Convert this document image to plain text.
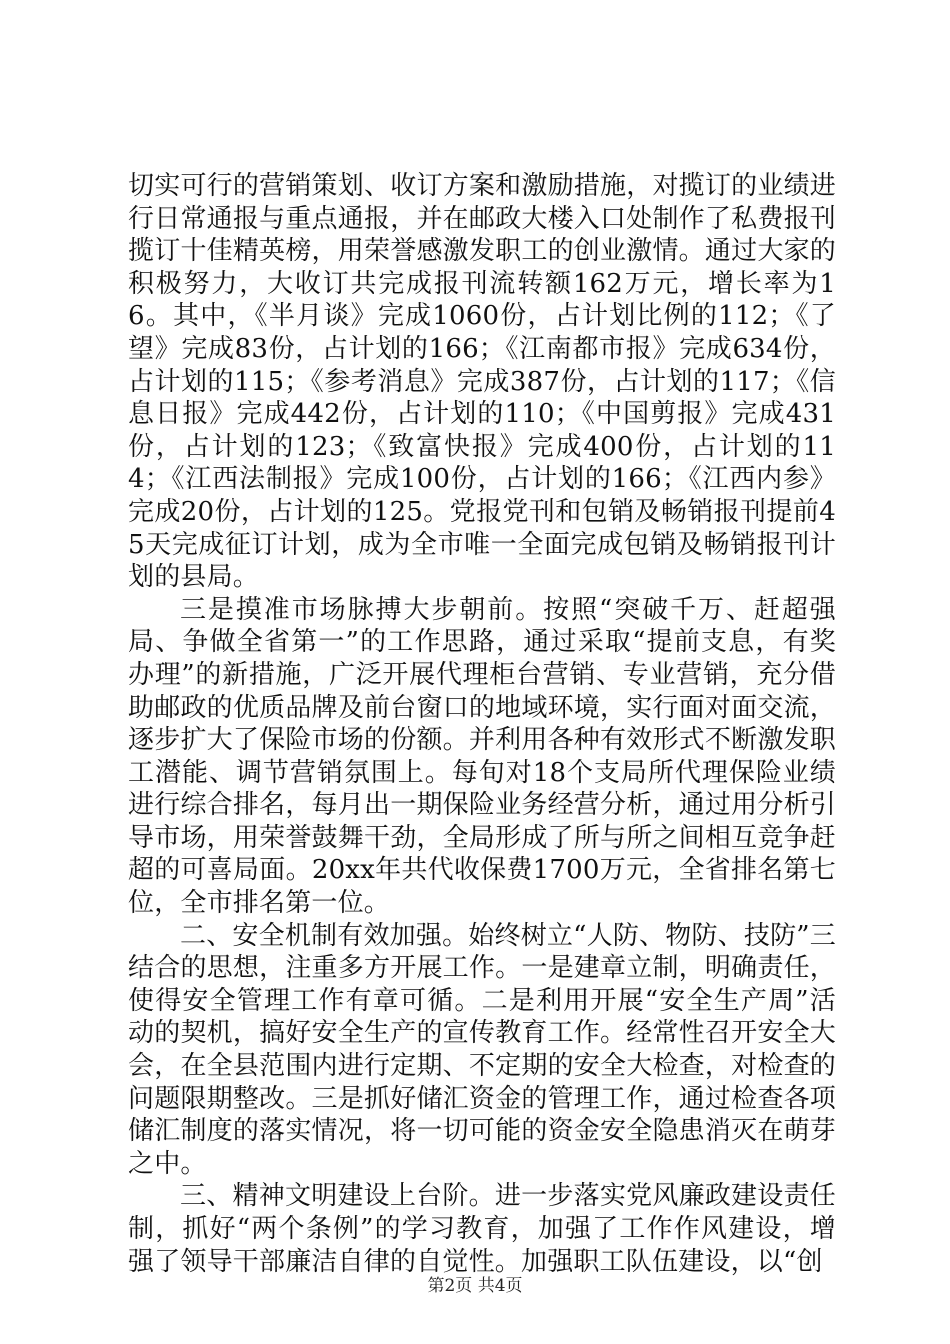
切实可行的营销策划、收订方案和激励措施，对揽订的业绩进行日常通报与重点通报，并在邮政大楼入口处制作了私费报刊揽订十佳精英榜，用荣誉感激发职工的创业激情。通过大家的积极努力，大收订共完成报刊流转额162万元，增长率为16。其中，《半月谈》完成1060份，占计划比例的112；《了望》完成83份，占计划的166；《江南都市报》完成634份，占计划的115；《参考消息》完成387份，占计划的117；《信息日报》完成442份，占计划的110；《中国剪报》完成431份，占计划的123；《致富快报》完成400份，占计划的114；《江西法制报》完成100份，占计划的166；《江西内参》完成20份，占计划的125。党报党刊和包销及畅销报刊提前45天完成征订计划，成为全市唯一全面完成包销及畅销报刊计划的县局。

三是摸准市场脉搏大步朝前。按照“突破千万、赶超强局、争做全省第一”的工作思路，通过采取“提前支息，有奖办理”的新措施，广泛开展代理柜台营销、专业营销，充分借助邮政的优质品牌及前台窗口的地域环境，实行面对面交流，逐步扩大了保险市场的份额。并利用各种有效形式不断激发职工潜能、调节营销氛围上。每旬对18个支局所代理保险业绩进行综合排名，每月出一期保险业务经营分析，通过用分析引导市场，用荣誉鼓舞干劲，全局形成了所与所之间相互竞争赶超的可喜局面。20xx年共代收保费1700万元，全省排名第七位，全市排名第一位。

二、安全机制有效加强。始终树立“人防、物防、技防”三结合的思想，注重多方开展工作。一是建章立制，明确责任，使得安全管理工作有章可循。二是利用开展“安全生产周”活动的契机，搞好安全生产的宣传教育工作。经常性召开安全大会，在全县范围内进行定期、不定期的安全大检查，对检查的问题限期整改。三是抓好储汇资金的管理工作，通过检查各项储汇制度的落实情况，将一切可能的资金安全隐患消灭在萌芽之中。

三、精神文明建设上台阶。进一步落实党风廉政建设责任制，抓好“两个条例”的学习教育，加强了工作作风建设，增强了领导干部廉洁自律的自觉性。加强职工队伍建设，以“创

第2页 共4页
